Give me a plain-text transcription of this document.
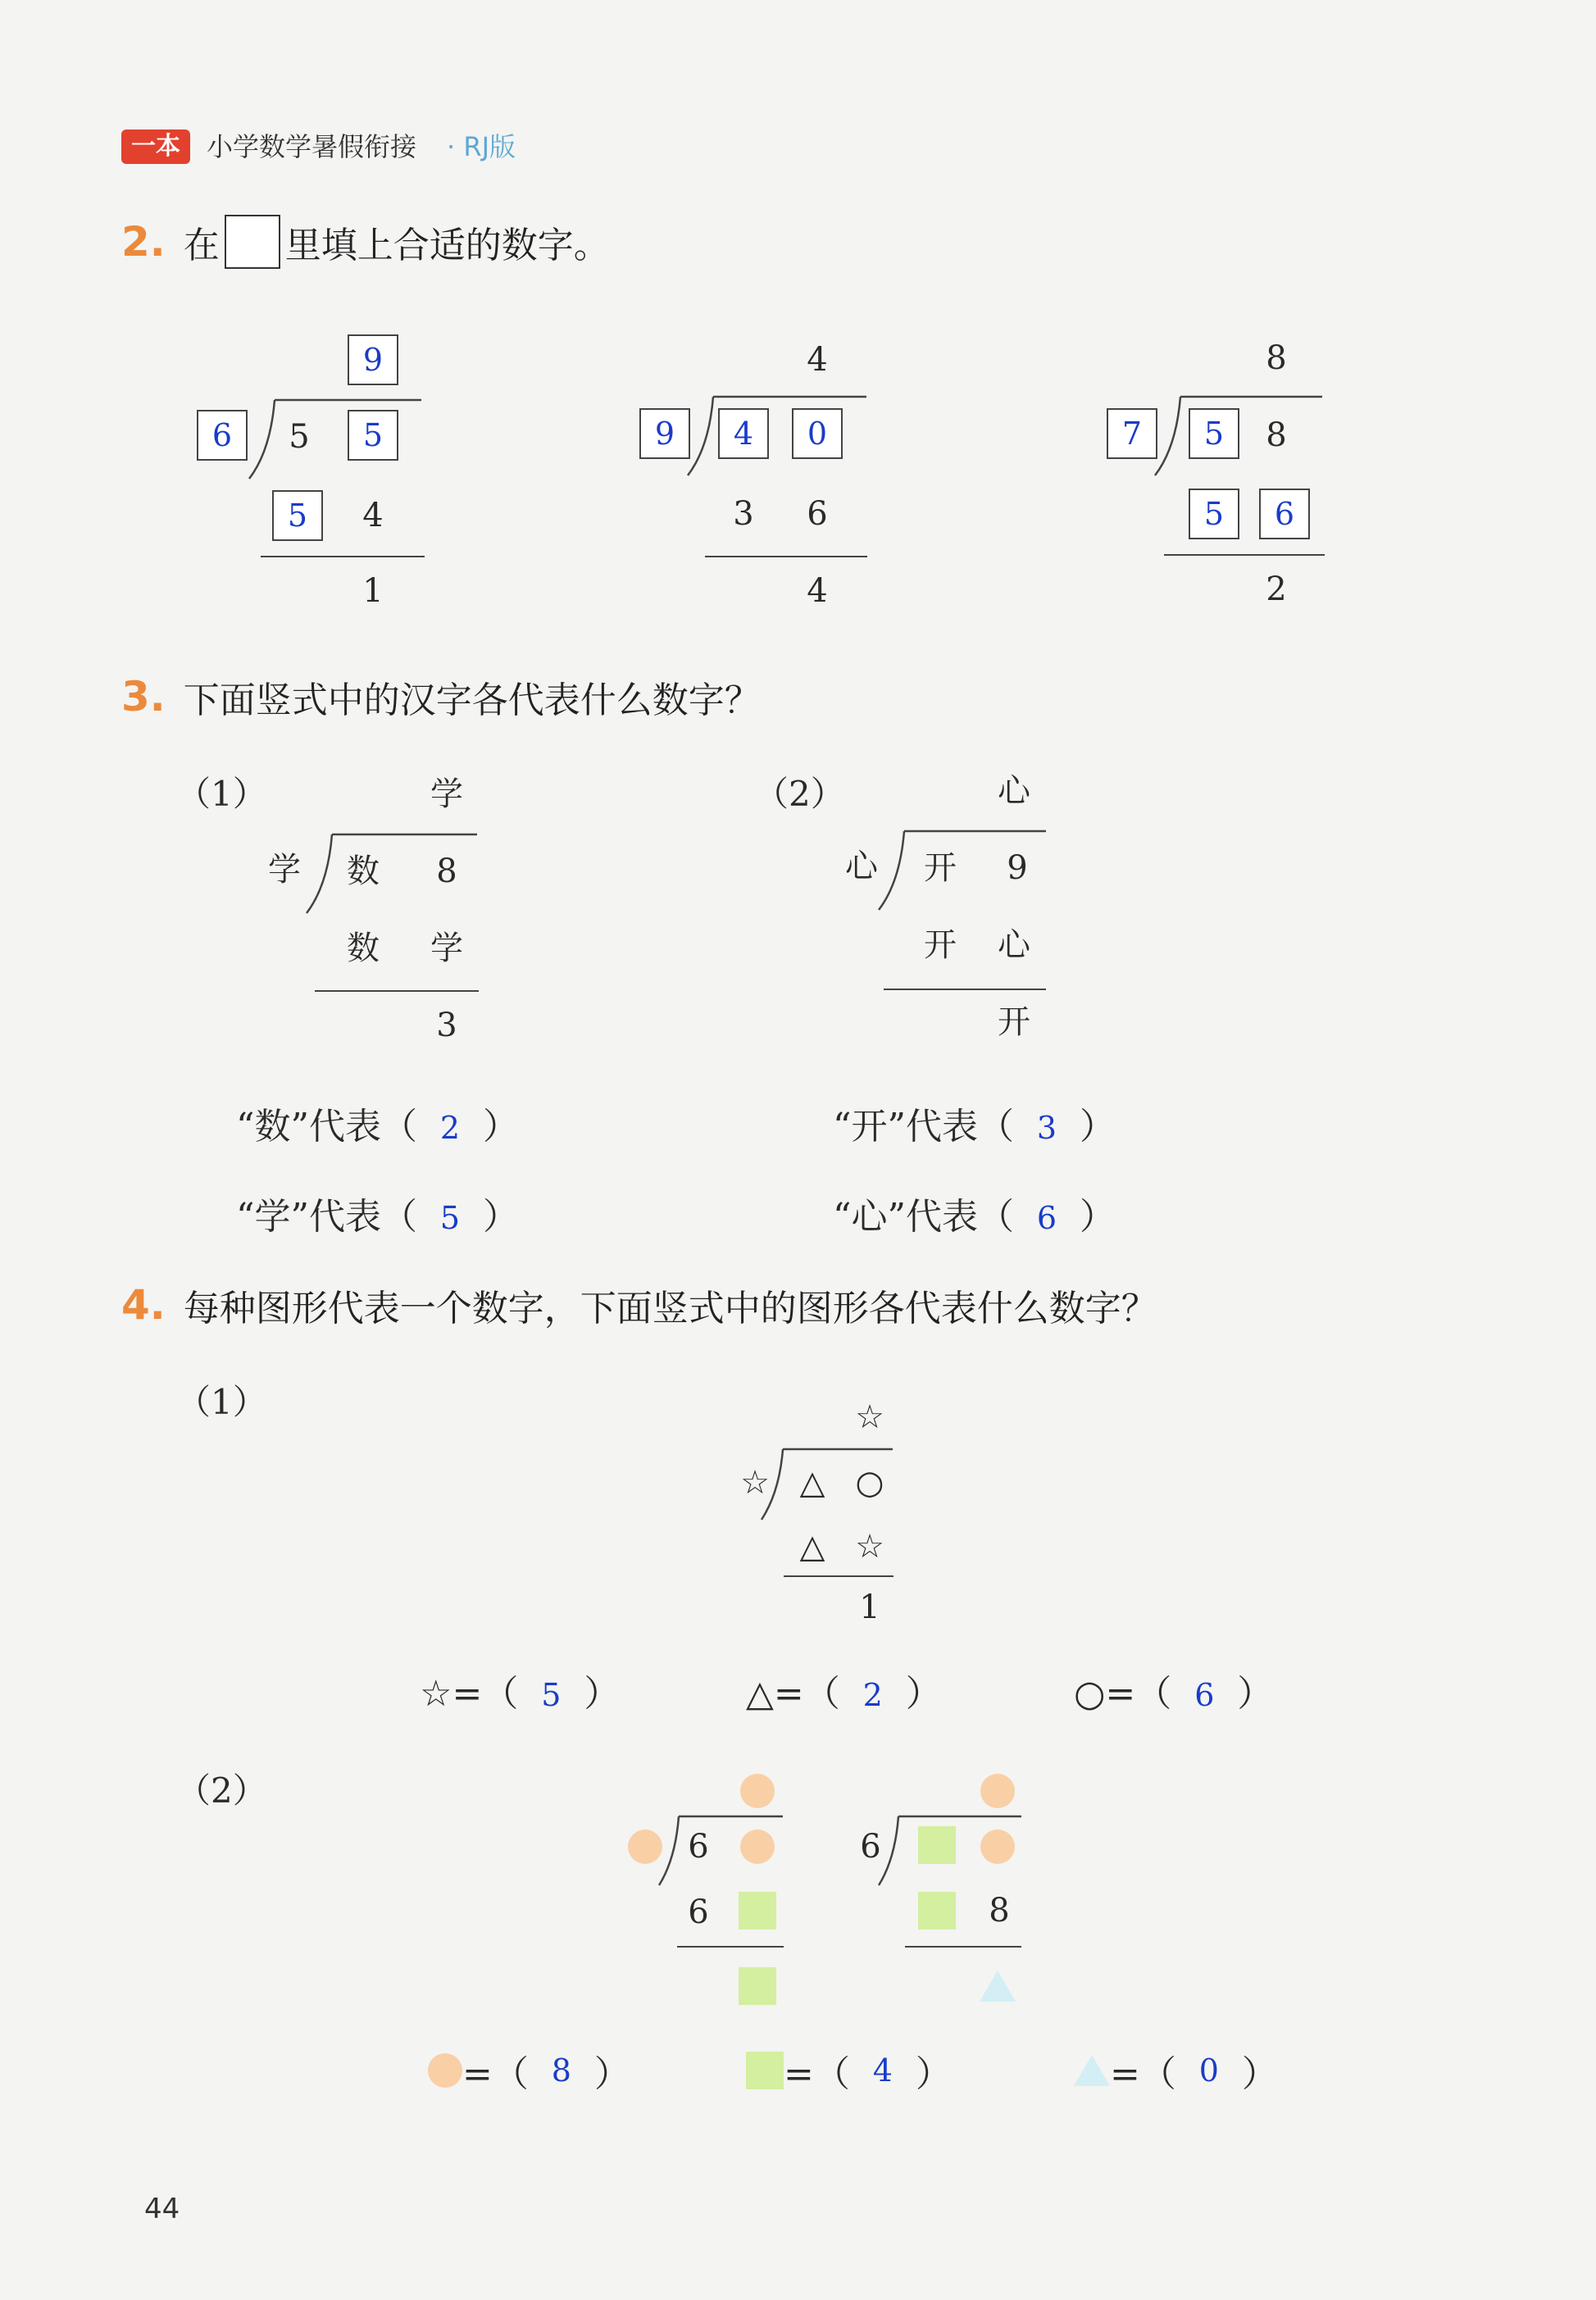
一本	小学数学暑假衔接 · RJ版
2. 在 里填上合适的数字。
9
6	5	5
5	4
1
4
9	4	0
3	6
4
8
7	5	8
5	6
2
3. 下面竖式中的汉字各代表什么数字？
（1）	学
学 数	8
数 学
3
（2）	心
心 开	9
开 心
开
“数”代表（ 2 ）
“学”代表（ 5 ）
“开”代表（ 3 ）
“心”代表（ 6 ）
4. 每种图形代表一个数字，下面竖式中的图形各代表什么数字？
（1）	☆
☆ △ ○
△ ☆
1
☆=（ 5 ）	△=（ 2 ）	○=（ 6 ）
（2）
6
6
6
8
=（ 8 ）	=（ 4 ）	=（ 0 ）
44
